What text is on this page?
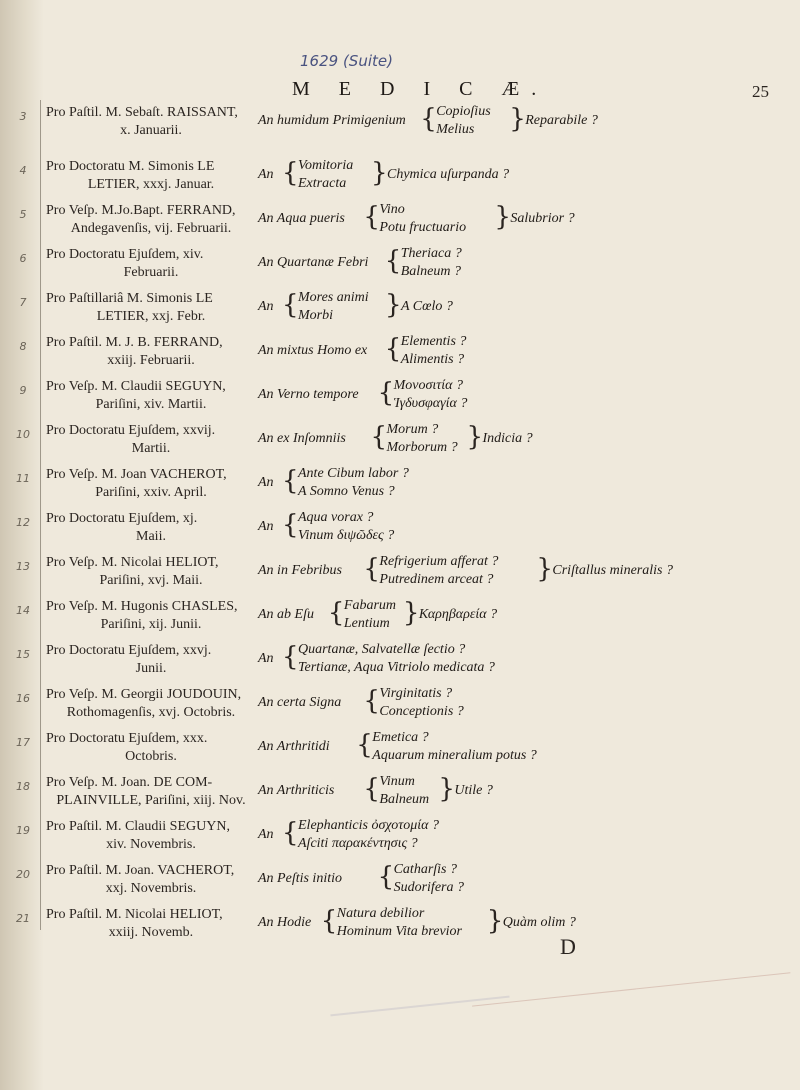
1629 (Suite)
M E D I C Æ.	25
3	Pro Paſtil. M. Sebaſt. RAISSANT,
x. Januarii.
An humidum Primigenium { Copioſius
Melius } Reparabile ?
4	Pro Doctoratu M. Simonis LE
LETIER, xxxj. Januar.
An { Vomitoria
Extracta } Chymica uſurpanda ?
5	Pro Veſp. M.Jo.Bapt. FERRAND,
Andegavenſis, vij. Februarii.
An Aqua pueris { Vino
Potu fructuario } Salubrior ?
6	Pro Doctoratu Ejuſdem, xiv.
Februarii.
An Quartanæ Febri { Theriaca ?
Balneum ?
7	Pro Paſtillariâ M. Simonis LE
LETIER, xxj. Febr.
An { Mores animi
Morbi } A Cœlo ?
8	Pro Paſtil. M. J. B. FERRAND,
xxiij. Februarii.
An mixtus Homo ex { Elementis ?
Alimentis ?
9	Pro Veſp. M. Claudii SEGUYN,
Pariſini, xiv. Martii.
An Verno tempore { Μονοσιτία ?
Ἱγδυσφαγία ?
10	Pro Doctoratu Ejuſdem, xxvij.
Martii.
An ex Inſomniis { Morum ?
Morborum ? } Indicia ?
11	Pro Veſp. M. Joan VACHEROT,
Pariſini, xxiv. April.
An { Ante Cibum labor ?
A Somno Venus ?
12	Pro Doctoratu Ejuſdem, xj.
Maii.
An { Aqua vorax ?
Vinum διψῶδες ?
13	Pro Veſp. M. Nicolai HELIOT,
Pariſini, xvj. Maii.
An in Febribus { Refrigerium afferat ?
Putredinem arceat ? } Criſtallus mineralis ?
14	Pro Veſp. M. Hugonis CHASLES,
Pariſini, xij. Junii.
An ab Eſu { Fabarum
Lentium } Καρηβαρεία ?
15	Pro Doctoratu Ejuſdem, xxvj.
Junii.
An { Quartanæ, Salvatellæ ſectio ?
Tertianæ, Aqua Vitriolo medicata ?
16	Pro Veſp. M. Georgii JOUDOUIN,
Rothomagenſis, xvj. Octobris.
An certa Signa { Virginitatis ?
Conceptionis ?
17	Pro Doctoratu Ejuſdem, xxx.
Octobris.
An Arthritidi { Emetica ?
Aquarum mineralium potus ?
18	Pro Veſp. M. Joan. DE COM-
PLAINVILLE, Pariſini, xiij. Nov.
An Arthriticis { Vinum
Balneum } Utile ?
19	Pro Paſtil. M. Claudii SEGUYN,
xiv. Novembris.
An { Elephanticis ὀσχοτομία ?
Aſciti παρακέντησις ?
20	Pro Paſtil. M. Joan. VACHEROT,
xxj. Novembris.
An Peſtis initio { Catharſis ?
Sudorifera ?
21	Pro Paſtil. M. Nicolai HELIOT,
xxiij. Novemb.
An Hodie { Natura debilior
Hominum Vita brevior } Quàm olim ?
D
